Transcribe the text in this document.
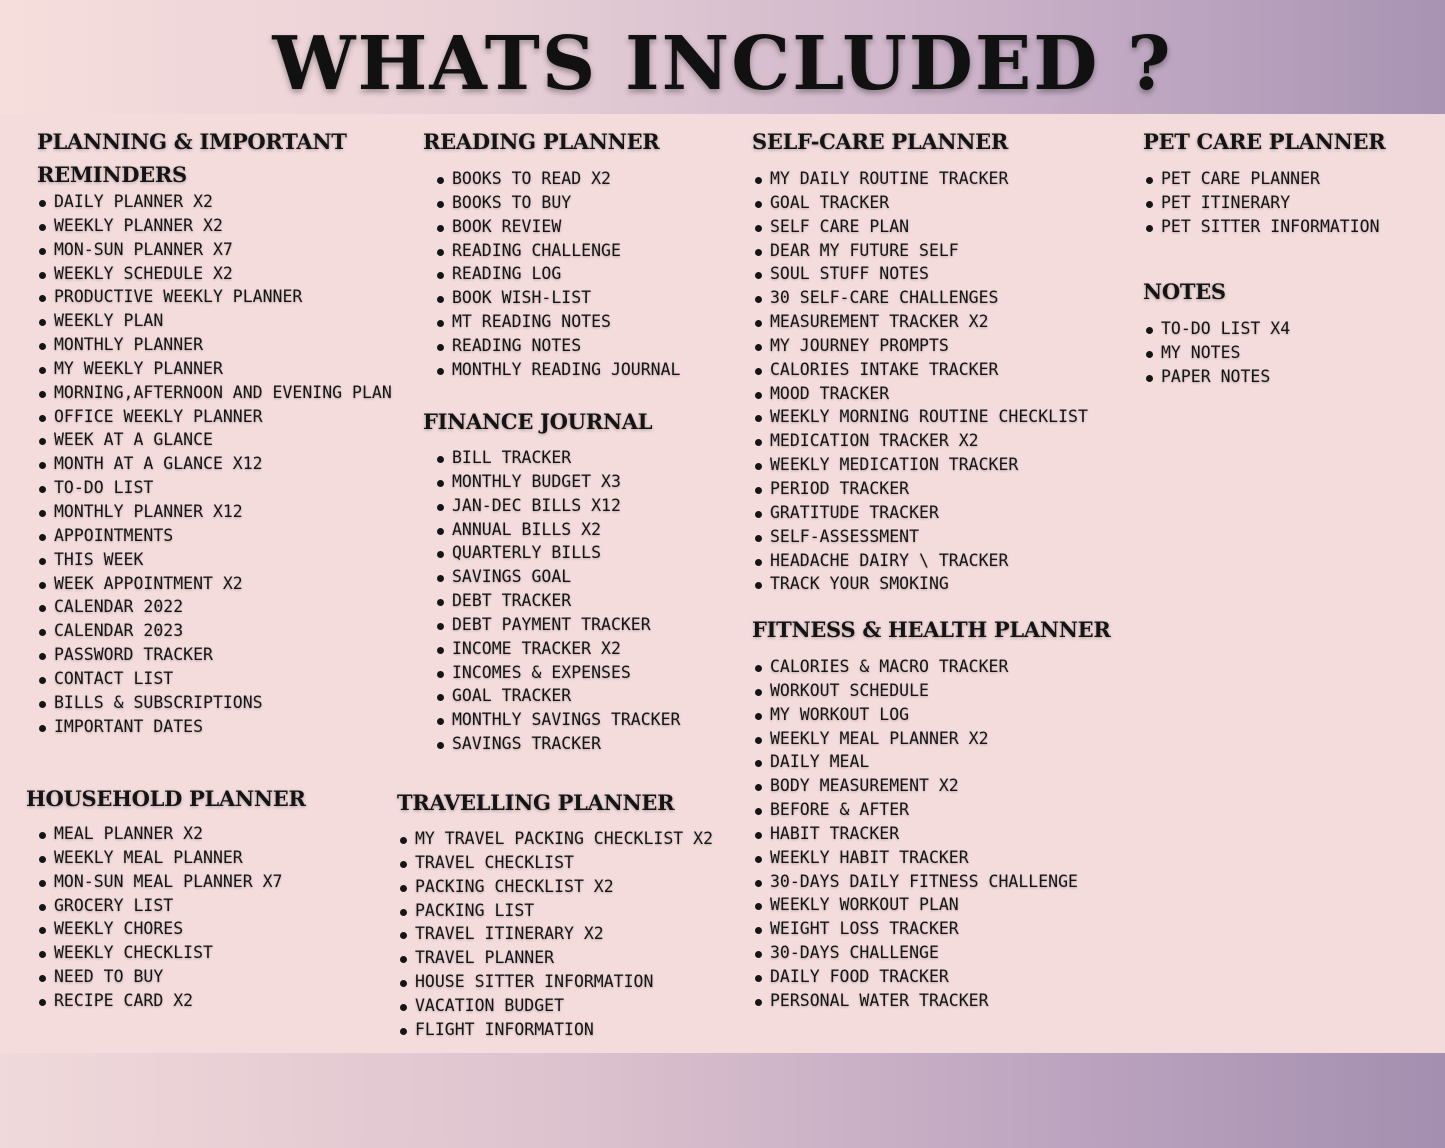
WHATS INCLUDED ?
PLANNING & IMPORTANT REMINDERS
DAILY PLANNER X2
WEEKLY PLANNER X2
MON-SUN PLANNER X7
WEEKLY SCHEDULE X2
PRODUCTIVE WEEKLY PLANNER
WEEKLY PLAN
MONTHLY PLANNER
MY WEEKLY PLANNER
MORNING,AFTERNOON AND EVENING PLAN
OFFICE WEEKLY PLANNER
WEEK AT A GLANCE
MONTH AT A GLANCE X12
TO-DO LIST
MONTHLY PLANNER X12
APPOINTMENTS
THIS WEEK
WEEK APPOINTMENT X2
CALENDAR 2022
CALENDAR 2023
PASSWORD TRACKER
CONTACT LIST
BILLS & SUBSCRIPTIONS
IMPORTANT DATES
HOUSEHOLD PLANNER
MEAL PLANNER X2
WEEKLY MEAL PLANNER
MON-SUN MEAL PLANNER X7
GROCERY LIST
WEEKLY CHORES
WEEKLY CHECKLIST
NEED TO BUY
RECIPE CARD X2
READING PLANNER
BOOKS TO READ X2
BOOKS TO BUY
BOOK REVIEW
READING CHALLENGE
READING LOG
BOOK WISH-LIST
MT READING NOTES
READING NOTES
MONTHLY READING JOURNAL
FINANCE JOURNAL
BILL TRACKER
MONTHLY BUDGET X3
JAN-DEC BILLS X12
ANNUAL BILLS X2
QUARTERLY BILLS
SAVINGS GOAL
DEBT TRACKER
DEBT PAYMENT TRACKER
INCOME TRACKER X2
INCOMES & EXPENSES
GOAL TRACKER
MONTHLY SAVINGS TRACKER
SAVINGS TRACKER
TRAVELLING PLANNER
MY TRAVEL PACKING CHECKLIST X2
TRAVEL CHECKLIST
PACKING CHECKLIST X2
PACKING LIST
TRAVEL ITINERARY X2
TRAVEL PLANNER
HOUSE SITTER INFORMATION
VACATION BUDGET
FLIGHT INFORMATION
SELF-CARE PLANNER
MY DAILY ROUTINE TRACKER
GOAL TRACKER
SELF CARE PLAN
DEAR MY FUTURE SELF
SOUL STUFF NOTES
30 SELF-CARE CHALLENGES
MEASUREMENT TRACKER X2
MY JOURNEY PROMPTS
CALORIES INTAKE TRACKER
MOOD TRACKER
WEEKLY MORNING ROUTINE CHECKLIST
MEDICATION TRACKER X2
WEEKLY MEDICATION TRACKER
PERIOD TRACKER
GRATITUDE TRACKER
SELF-ASSESSMENT
HEADACHE DAIRY \ TRACKER
TRACK YOUR SMOKING
FITNESS & HEALTH PLANNER
CALORIES & MACRO TRACKER
WORKOUT SCHEDULE
MY WORKOUT LOG
WEEKLY MEAL PLANNER X2
DAILY MEAL
BODY MEASUREMENT X2
BEFORE & AFTER
HABIT TRACKER
WEEKLY HABIT TRACKER
30-DAYS DAILY FITNESS CHALLENGE
WEEKLY WORKOUT PLAN
WEIGHT LOSS TRACKER
30-DAYS CHALLENGE
DAILY FOOD TRACKER
PERSONAL WATER TRACKER
PET CARE PLANNER
PET CARE PLANNER
PET ITINERARY
PET SITTER INFORMATION
NOTES
TO-DO LIST X4
MY NOTES
PAPER NOTES
